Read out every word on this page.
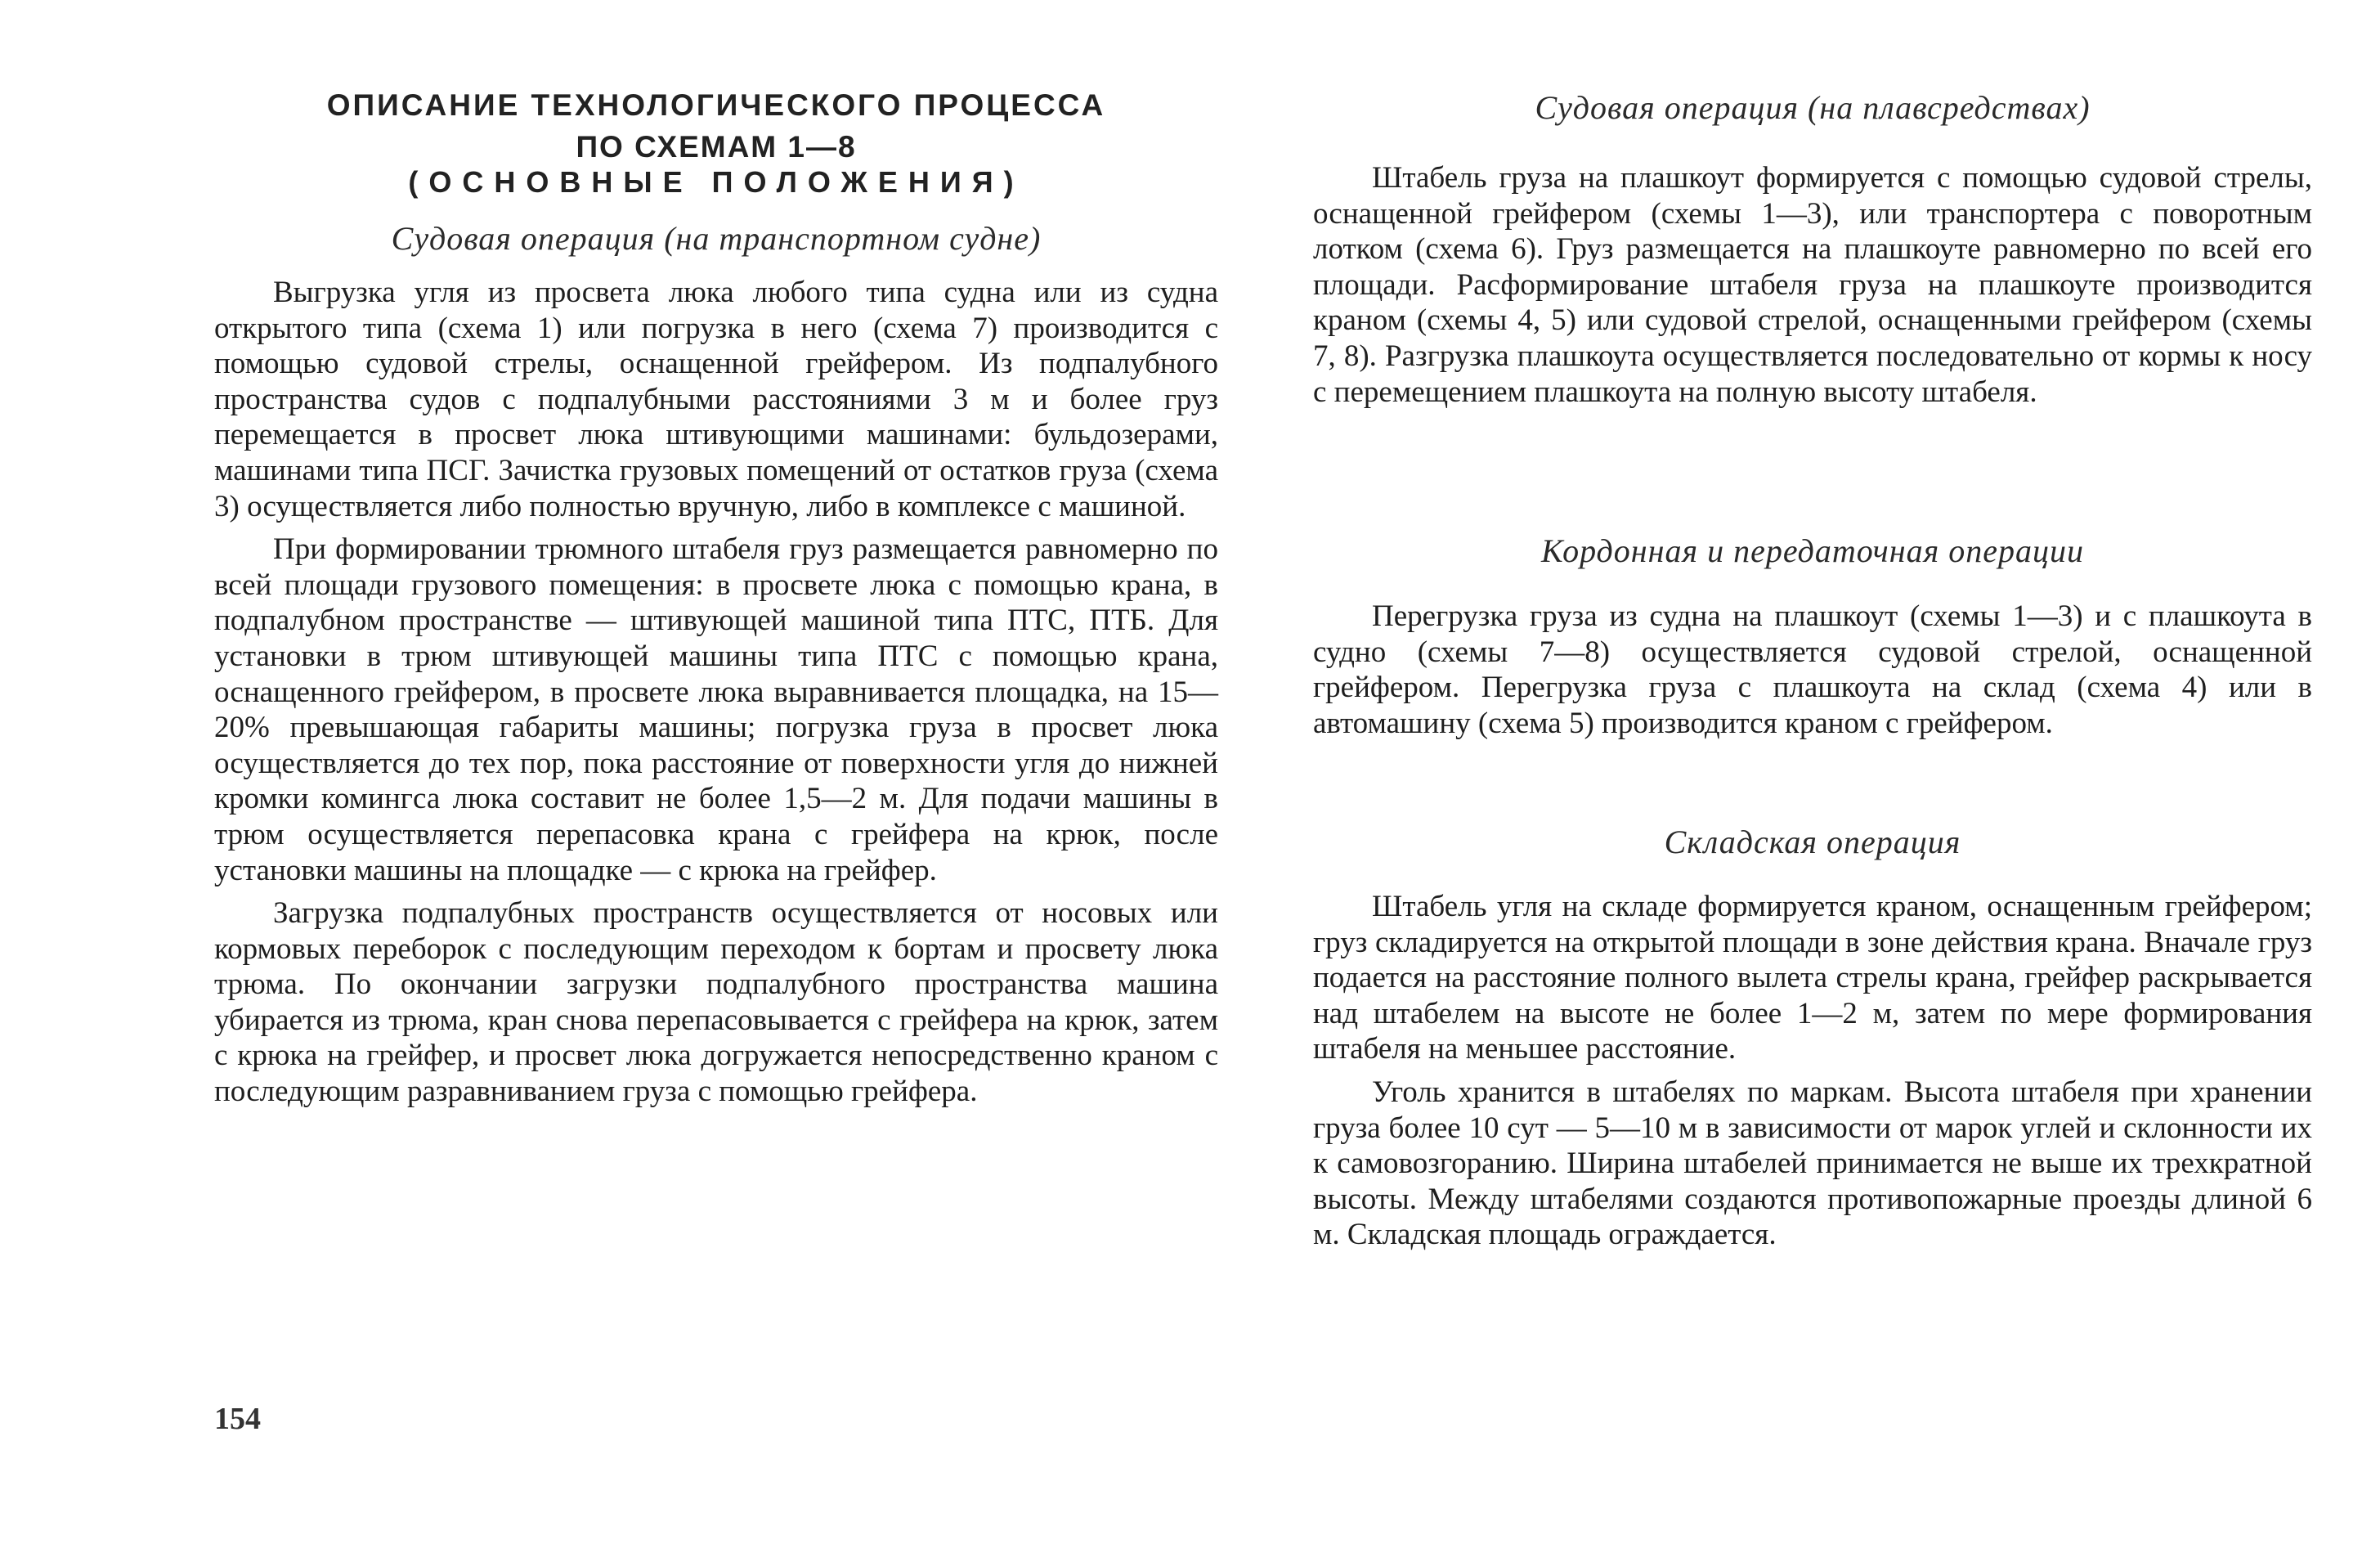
ОПИСАНИЕ ТЕХНОЛОГИЧЕСКОГО ПРОЦЕССА
ПО СХЕМАМ 1—8
(ОСНОВНЫЕ ПОЛОЖЕНИЯ)
Судовая операция (на транспортном судне)

Выгрузка угля из просвета люка любого типа судна или из судна открытого типа (схема 1) или погрузка в него (схема 7) производится с помощью судовой стрелы, оснащенной грейфером. Из подпалубного пространства судов с подпалубными расстояниями 3 м и более груз перемещается в просвет люка штивующими машинами: бульдозерами, машинами типа ПСГ. Зачистка грузовых помещений от остатков груза (схема 3) осуществляется либо полностью вручную, либо в комплексе с машиной.

При формировании трюмного штабеля груз размещается равномерно по всей площади грузового помещения: в просвете люка с помощью крана, в подпалубном пространстве — штивующей машиной типа ПТС, ПТБ. Для установки в трюм штивующей машины типа ПТС с помощью крана, оснащенного грейфером, в просвете люка выравнивается площадка, на 15—20% превышающая габариты машины; погрузка груза в просвет люка осуществляется до тех пор, пока расстояние от поверхности угля до нижней кромки комингса люка составит не более 1,5—2 м. Для подачи машины в трюм осуществляется перепасовка крана с грейфера на крюк, после установки машины на площадке — с крюка на грейфер.

Загрузка подпалубных пространств осуществляется от носовых или кормовых переборок с последующим переходом к бортам и просвету люка трюма. По окончании загрузки подпалубного пространства машина убирается из трюма, кран снова перепасовывается с грейфера на крюк, затем с крюка на грейфер, и просвет люка догружается непосредственно краном с последующим разравниванием груза с помощью грейфера.

154
Судовая операция (на плавсредствах)

Штабель груза на плашкоут формируется с помощью судовой стрелы, оснащенной грейфером (схемы 1—3), или транспортера с поворотным лотком (схема 6). Груз размещается на плашкоуте равномерно по всей его площади. Расформирование штабеля груза на плашкоуте производится краном (схемы 4, 5) или судовой стрелой, оснащенными грейфером (схемы 7, 8). Разгрузка плашкоута осуществляется последовательно от кормы к носу с перемещением плашкоута на полную высоту штабеля.

Кордонная и передаточная операции

Перегрузка груза из судна на плашкоут (схемы 1—3) и с плашкоута в судно (схемы 7—8) осуществляется судовой стрелой, оснащенной грейфером. Перегрузка груза с плашкоута на склад (схема 4) или в автомашину (схема 5) производится краном с грейфером.

Складская операция

Штабель угля на складе формируется краном, оснащенным грейфером; груз складируется на открытой площади в зоне действия крана. Вначале груз подается на расстояние полного вылета стрелы крана, грейфер раскрывается над штабелем на высоте не более 1—2 м, затем по мере формирования штабеля на меньшее расстояние.

Уголь хранится в штабелях по маркам. Высота штабеля при хранении груза более 10 сут — 5—10 м в зависимости от марок углей и склонности их к самовозгоранию. Ширина штабелей принимается не выше их трехкратной высоты. Между штабелями создаются противопожарные проезды длиной 6 м. Складская площадь ограждается.
